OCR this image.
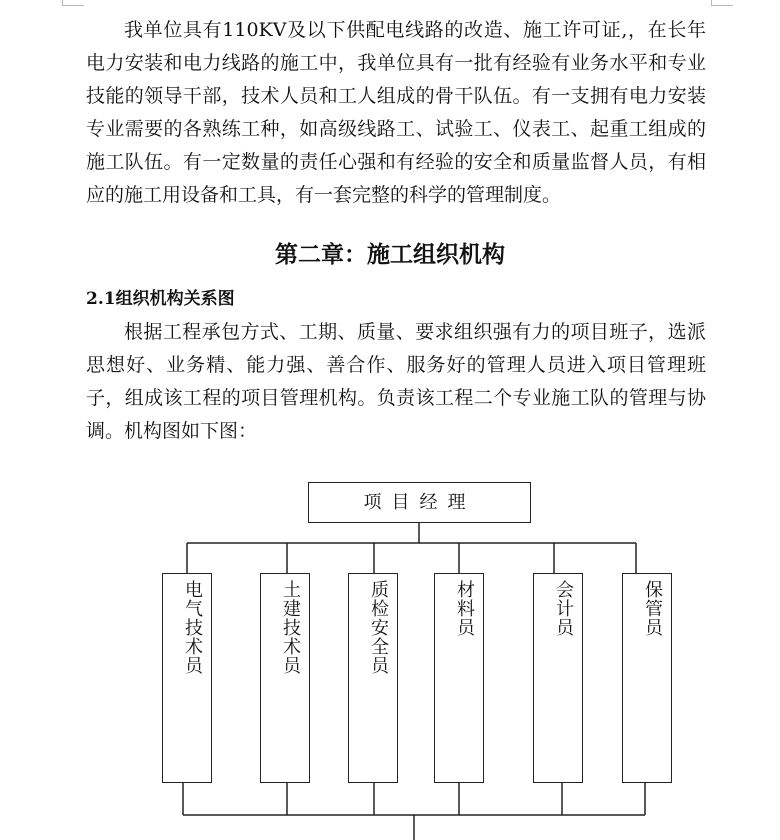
我单位具有110KV及以下供配电线路的改造、施工许可证,，在长年电力安装和电力线路的施工中，我单位具有一批有经验有业务水平和专业技能的领导干部，技术人员和工人组成的骨干队伍。有一支拥有电力安装专业需要的各熟练工种，如高级线路工、试验工、仪表工、起重工组成的施工队伍。有一定数量的责任心强和有经验的安全和质量监督人员，有相应的施工用设备和工具，有一套完整的科学的管理制度。

第二章：施工组织机构
2.1组织机构关系图

根据工程承包方式、工期、质量、要求组织强有力的项目班子，选派思想好、业务精、能力强、善合作、服务好的管理人员进入项目管理班子，组成该工程的项目管理机构。负责该工程二个专业施工队的管理与协调。机构图如下图：

项目经理
电气技术员	土建技术员	质检安全员	材料员	会计员	保管员
